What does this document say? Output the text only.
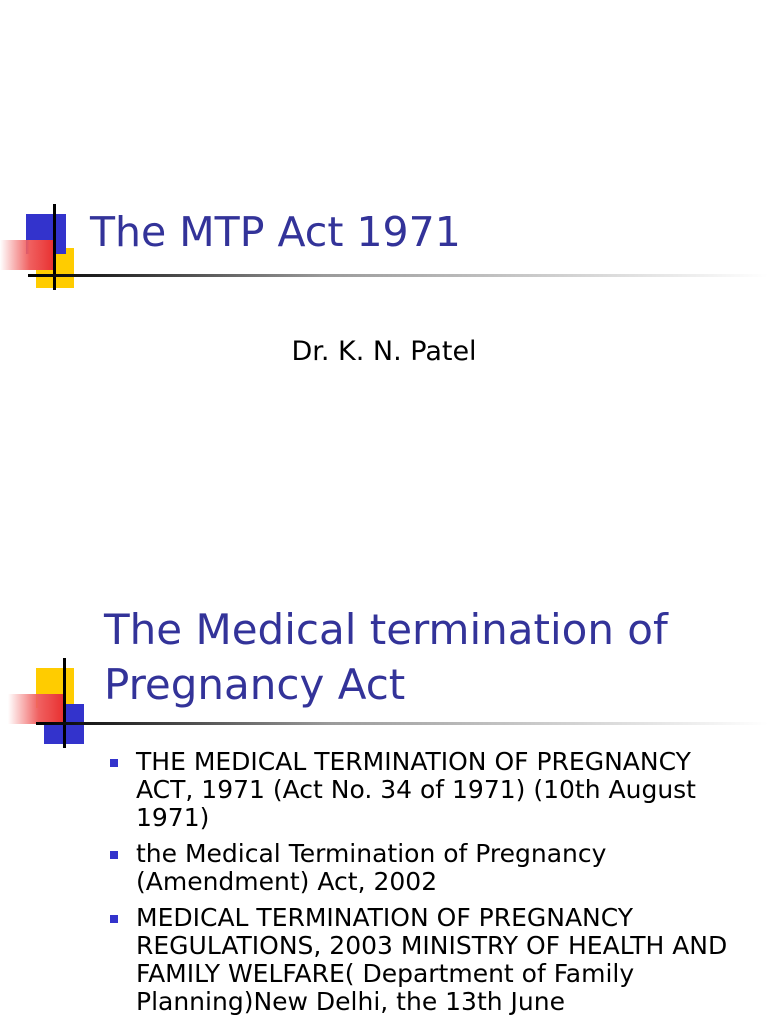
The MTP Act 1971
Dr. K. N. Patel
The Medical termination of Pregnancy Act
THE MEDICAL TERMINATION OF PREGNANCY ACT, 1971 (Act No. 34 of 1971) (10th August 1971)
the Medical Termination of Pregnancy (Amendment) Act, 2002
MEDICAL TERMINATION OF PREGNANCY REGULATIONS, 2003 MINISTRY OF HEALTH AND FAMILY WELFARE( Department of Family Planning)New Delhi, the 13th June
